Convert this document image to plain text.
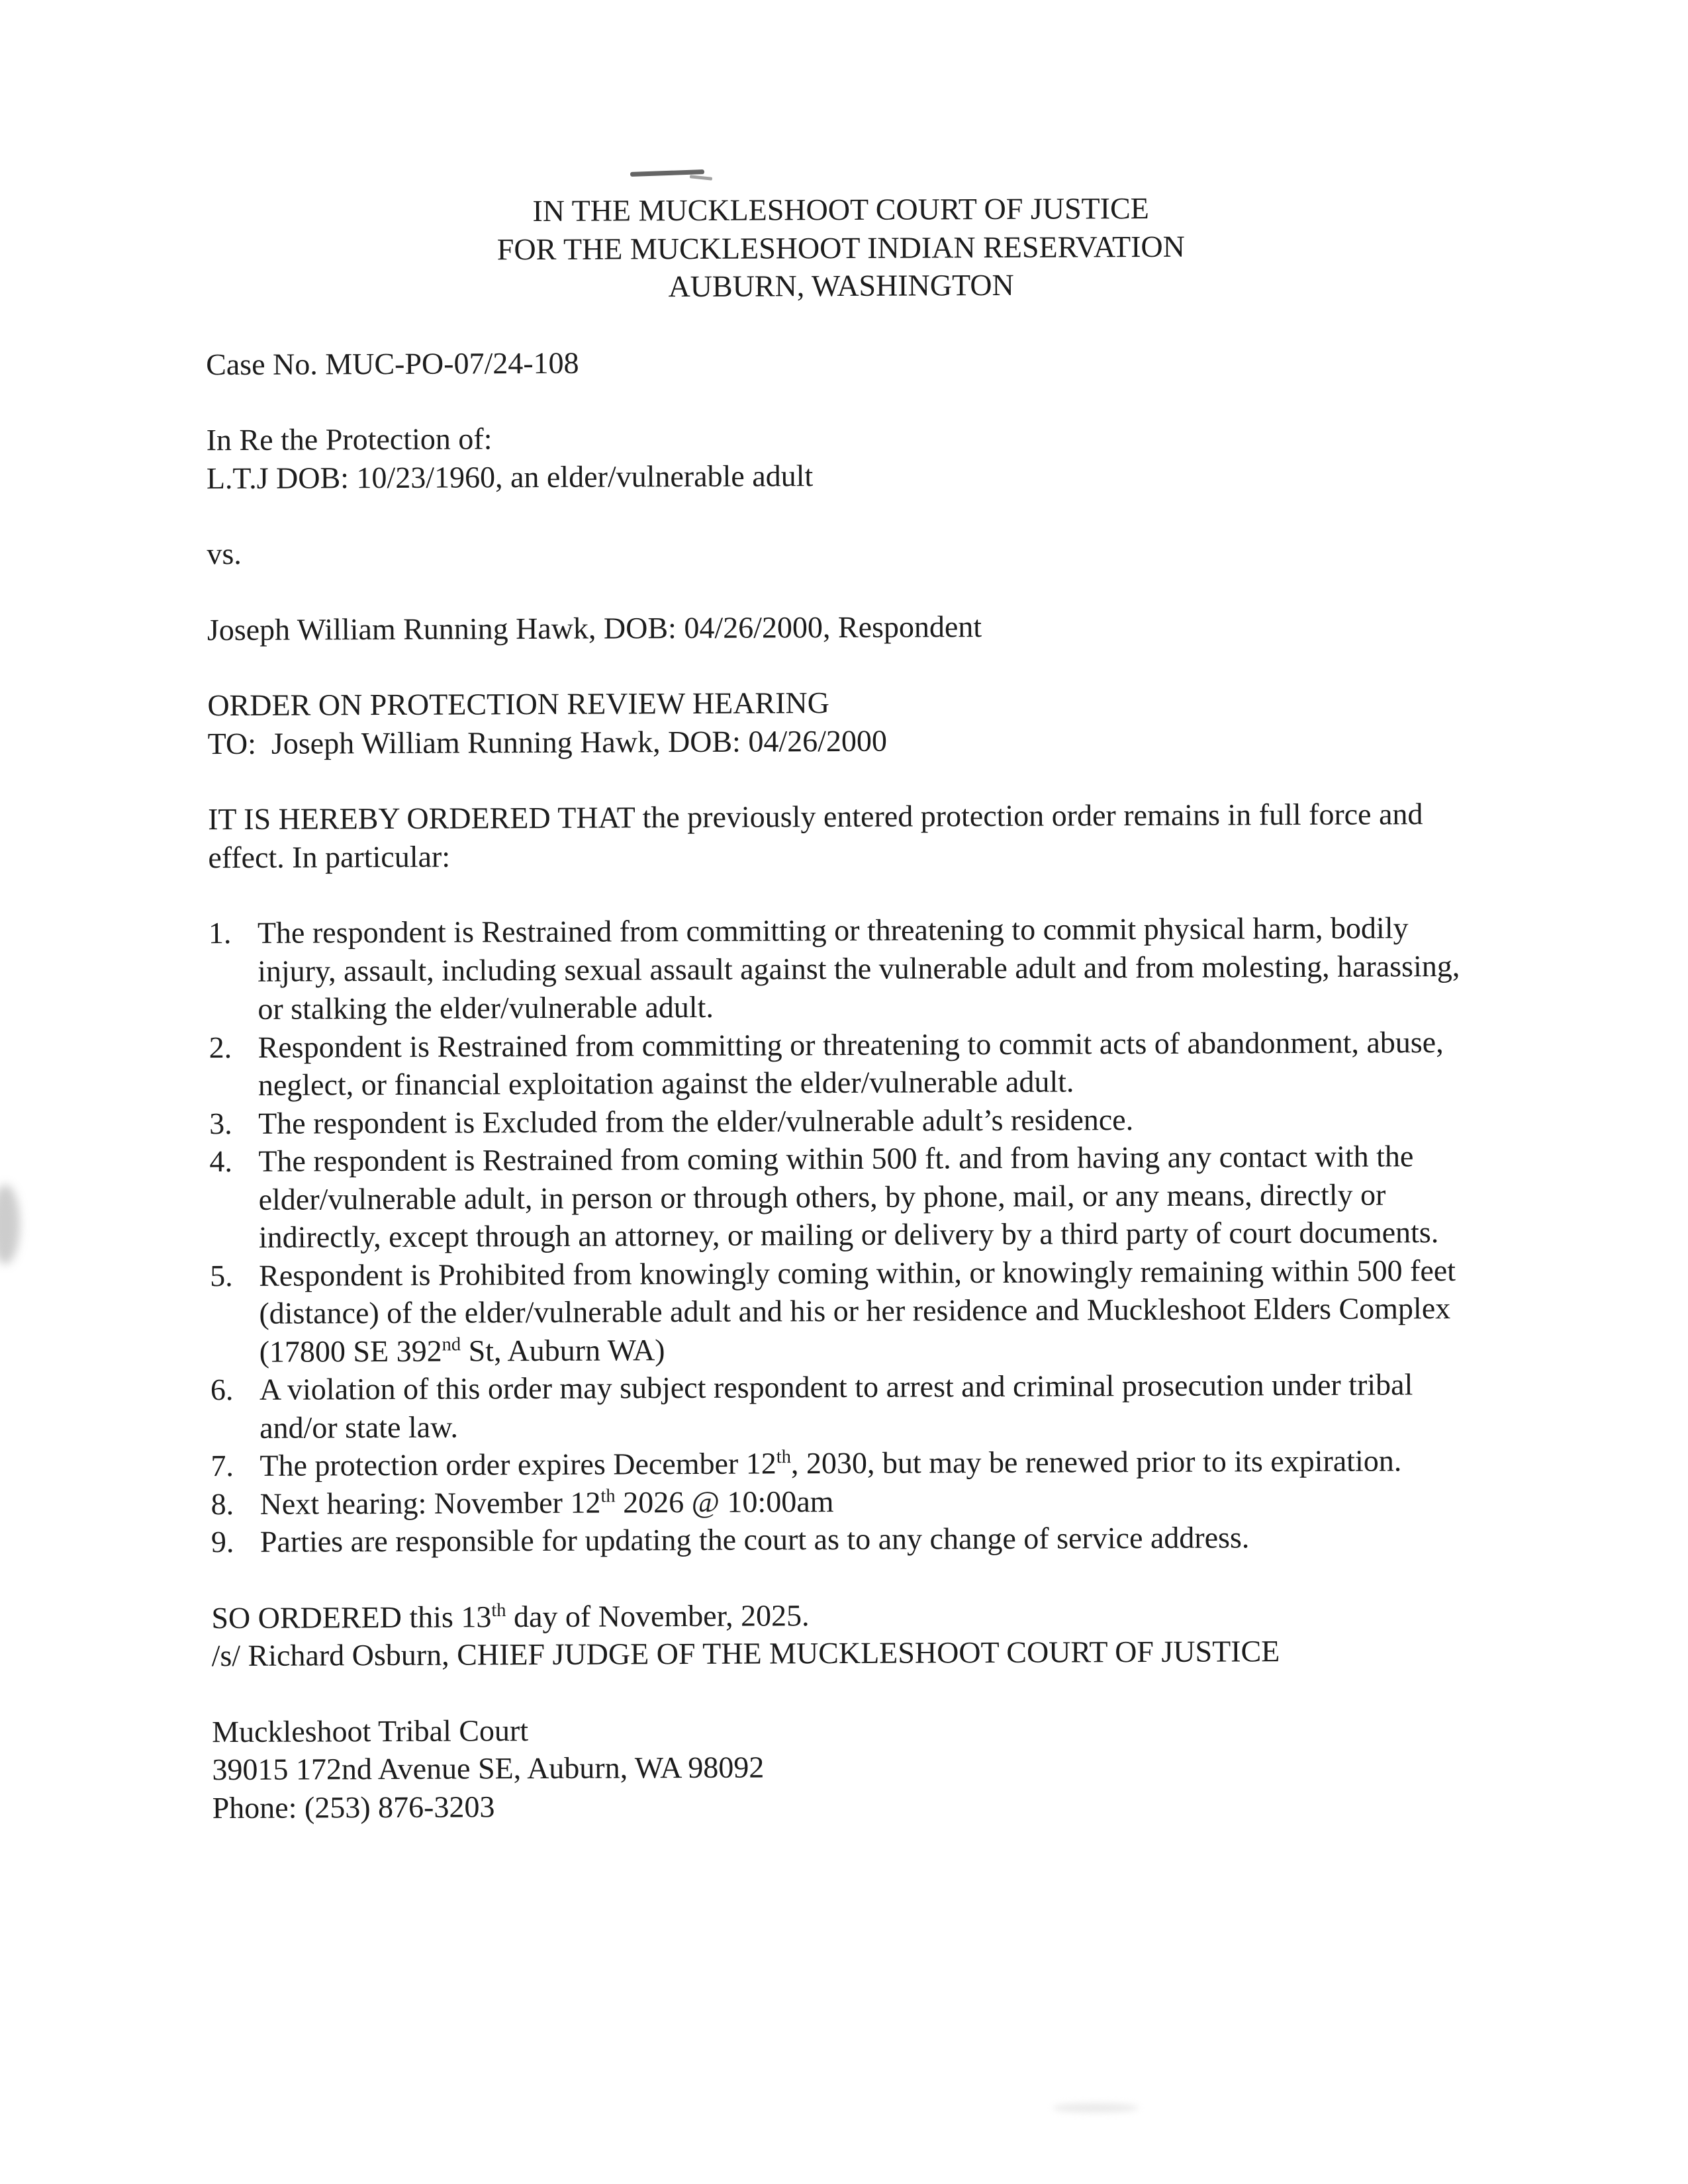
IN THE MUCKLESHOOT COURT OF JUSTICE
FOR THE MUCKLESHOOT INDIAN RESERVATION
AUBURN, WASHINGTON

Case No. MUC-PO-07/24-108

In Re the Protection of:

L.T.J DOB: 10/23/1960, an elder/vulnerable adult

vs.

Joseph William Running Hawk, DOB: 04/26/2000, Respondent

ORDER ON PROTECTION REVIEW HEARING

TO:  Joseph William Running Hawk, DOB: 04/26/2000

IT IS HEREBY ORDERED THAT the previously entered protection order remains in full force and effect. In particular:

The respondent is Restrained from committing or threatening to commit physical harm, bodily injury, assault, including sexual assault against the vulnerable adult and from molesting, harassing, or stalking the elder/vulnerable adult.
Respondent is Restrained from committing or threatening to commit acts of abandonment, abuse, neglect, or financial exploitation against the elder/vulnerable adult.
The respondent is Excluded from the elder/vulnerable adult’s residence.
The respondent is Restrained from coming within 500 ft. and from having any contact with the elder/vulnerable adult, in person or through others, by phone, mail, or any means, directly or indirectly, except through an attorney, or mailing or delivery by a third party of court documents.
Respondent is Prohibited from knowingly coming within, or knowingly remaining within 500 feet (distance) of the elder/vulnerable adult and his or her residence and Muckleshoot Elders Complex (17800 SE 392nd St, Auburn WA)
A violation of this order may subject respondent to arrest and criminal prosecution under tribal and/or state law.
The protection order expires December 12th, 2030, but may be renewed prior to its expiration.
Next hearing: November 12th 2026 @ 10:00am
Parties are responsible for updating the court as to any change of service address.

SO ORDERED this 13th day of November, 2025.

/s/ Richard Osburn, CHIEF JUDGE OF THE MUCKLESHOOT COURT OF JUSTICE

Muckleshoot Tribal Court

39015 172nd Avenue SE, Auburn, WA 98092

Phone: (253) 876-3203
